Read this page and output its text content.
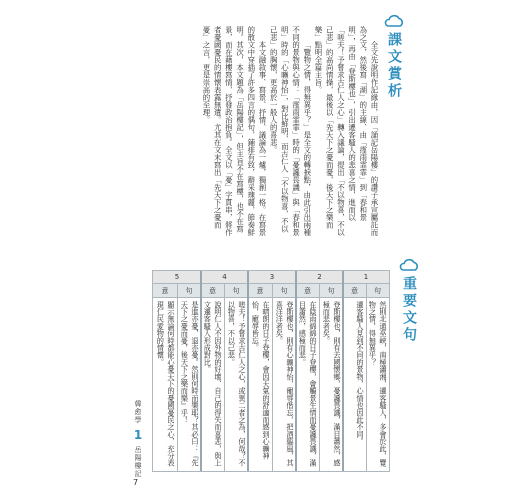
課文賞析

全文先說明作記緣由，因「誦記岳陽樓」的讚子承宣屬託而為之文，然後寫「湖」的主線、由「霪雨霏霏」到「春和景明」，再由「登斯樓也」，引出遷客騷人的悲喜之情，進而以「嗟夫！予嘗求古仁人之心」轉入議論，提出「不以物喜，不以己悲」的高尚情操，最後以「先天下之憂而憂，後天下之樂而樂」點明全篇主旨。

「覽物之情，得無異乎？」是全文的轉捩點，由此引出兩種不同的景物與心情：「霪雨霏霏」時的「憂讒畏譏」與「春和景明」時的「心曠神怡」，對比鮮明，而古仁人「不以物喜，不以己悲」的胸懷，更高於一般人的喜悲。

本文融敘事、寫景、抒情、議論為一爐，獨創一格。在寫景的散文中穿插了許多四言的偶句，鋪排有致，辭采瑰麗，節奏鮮明。其次，本文題為「岳陽樓記」，但主旨不在寫樓，也不在寫景，而在藉樓寫情，抒發政治抱負。全文以「憂」字貫串，將作者憂國憂民的情懷表露無遺。尤其在文末寫出「先天下之憂而憂」之言，更是崇高的至理。

重要文句
5
意
顯示無論何時都能心憂天下的憂國憂民之心，充分表現仁民愛物的情懷。
句
是進亦憂，退亦憂。然則何時而樂耶？其必曰：『先天下之憂而憂，後天下之樂而樂』乎！
4
意
說明仁人不因外物的好壞、自己的得失而喜悲，與上文遷客騷人形成對比。
句
嗟夫！予嘗求古仁人之心，或異二者之為，何哉？不以物喜，不以己悲。
3
意
在晴朗的日子登樓，會因天氣的舒適而感到心曠神怡，寵辱皆忘。
句
登斯樓也，則有心曠神怡，寵辱偕忘，把酒臨風，其喜洋洋者矣。
2
意
在陰雨綿綿的日子登樓，會觸景生情而憂讒畏譏，滿目蕭然，感極而悲。
句
登斯樓也，則有去國懷鄉，憂讒畏譏，滿目蕭然，感極而悲者矣。
1
意
遷客騷人見到不同的景物，心情也因此不同。
句
然則北通巫峽，南極瀟湘，遷客騷人，多會於此，覽物之情，得無異乎？
韓愈學
1
岳陽樓記
7
